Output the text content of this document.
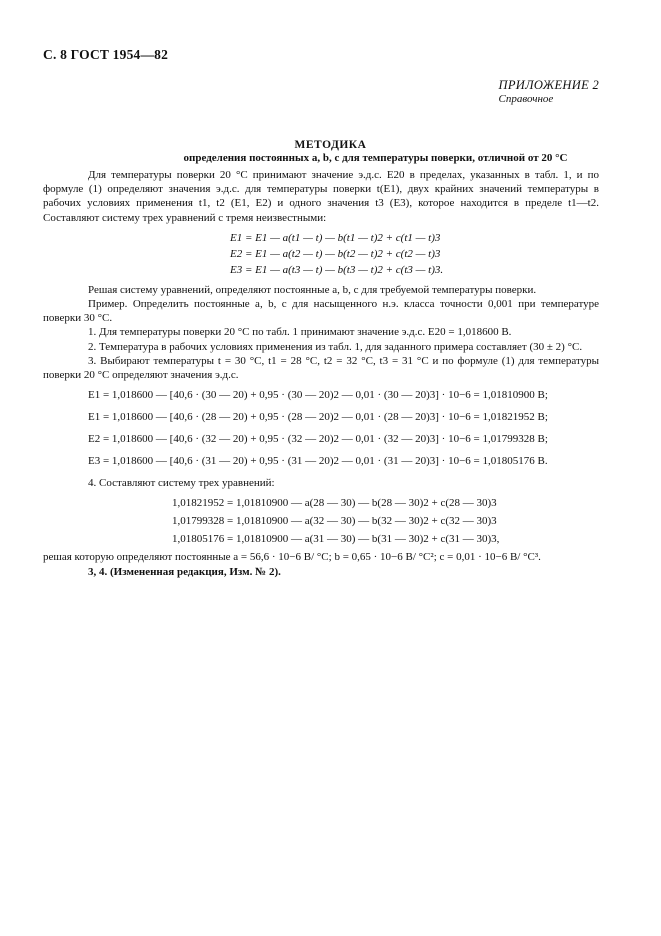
С. 8 ГОСТ 1954—82
ПРИЛОЖЕНИЕ 2
Справочное
МЕТОДИКА
определения постоянных a, b, c для температуры поверки, отличной от 20 °С
Для температуры поверки 20 °С принимают значение э.д.с. E20 в пределах, указанных в табл. 1, и по формуле (1) определяют значения э.д.с. для температуры поверки t(E1), двух крайних значений температуры в рабочих условиях применения t1, t2 (E1, E2) и одного значения t3 (E3), которое находится в пределе t1—t2. Составляют систему трех уравнений с тремя неизвестными:
E1 = E1 — a(t1 — t) — b(t1 — t)2 + c(t1 — t)3
E2 = E1 — a(t2 — t) — b(t2 — t)2 + c(t2 — t)3
E3 = E1 — a(t3 — t) — b(t3 — t)2 + c(t3 — t)3.
Решая систему уравнений, определяют постоянные a, b, c для требуемой температуры поверки.
Пример. Определить постоянные a, b, c для насыщенного н.э. класса точности 0,001 при температуре поверки 30 °С.
1. Для температуры поверки 20 °С по табл. 1 принимают значение э.д.с. E20 = 1,018600 В.
2. Температура в рабочих условиях применения из табл. 1, для заданного примера составляет (30 ± 2) °С.
3. Выбирают температуры t = 30 °С, t1 = 28 °С, t2 = 32 °С, t3 = 31 °С и по формуле (1) для температуры поверки 20 °С определяют значения э.д.с.
E1 = 1,018600 — [40,6 · (30 — 20) + 0,95 · (30 — 20)2 — 0,01 · (30 — 20)3] · 10−6 = 1,01810900 В;
E1 = 1,018600 — [40,6 · (28 — 20) + 0,95 · (28 — 20)2 — 0,01 · (28 — 20)3] · 10−6 = 1,01821952 В;
E2 = 1,018600 — [40,6 · (32 — 20) + 0,95 · (32 — 20)2 — 0,01 · (32 — 20)3] · 10−6 = 1,01799328 В;
E3 = 1,018600 — [40,6 · (31 — 20) + 0,95 · (31 — 20)2 — 0,01 · (31 — 20)3] · 10−6 = 1,01805176 В.
4. Составляют систему трех уравнений:
1,01821952 = 1,01810900 — a(28 — 30) — b(28 — 30)2 + c(28 — 30)3
1,01799328 = 1,01810900 — a(32 — 30) — b(32 — 30)2 + c(32 — 30)3
1,01805176 = 1,01810900 — a(31 — 30) — b(31 — 30)2 + c(31 — 30)3,
решая которую определяют постоянные a = 56,6 · 10−6 В/ °С; b = 0,65 · 10−6 В/ °С²; c = 0,01 · 10−6 В/ °С³.
3, 4. (Измененная редакция, Изм. № 2).
